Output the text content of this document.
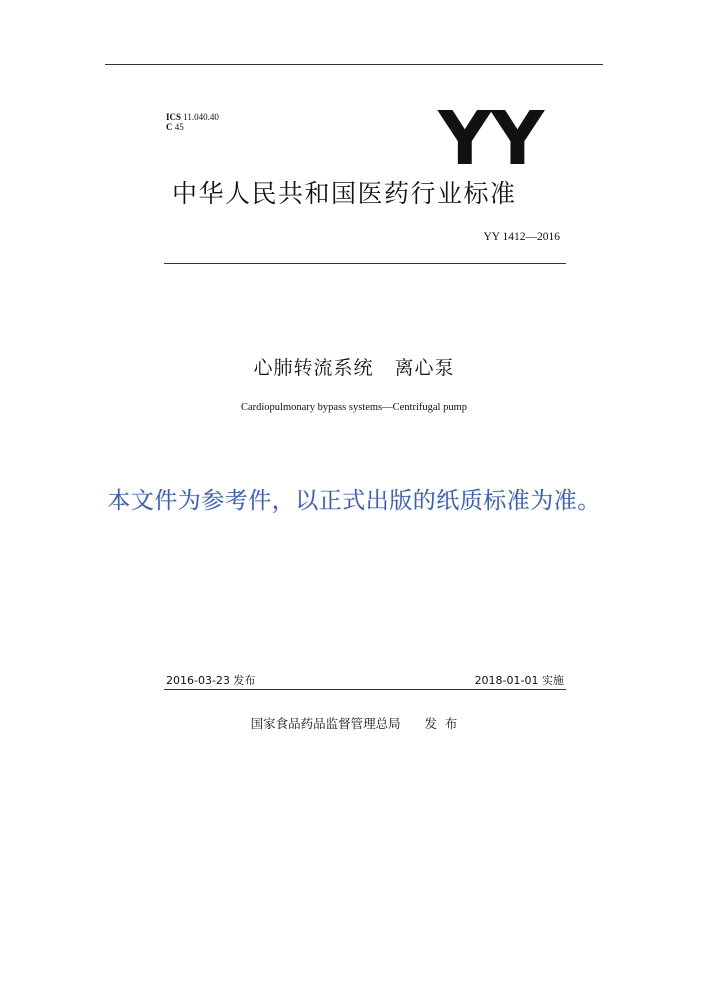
ICS 11.040.40
C 45	YY
中华人民共和国医药行业标准
YY 1412—2016
心肺转流系统   离心泵
Cardiopulmonary bypass systems—Centrifugal pump
本文件为参考件，以正式出版的纸质标准为准。
2016-03-23 发布	2018-01-01 实施
国家食品药品监督管理总局 发  布
